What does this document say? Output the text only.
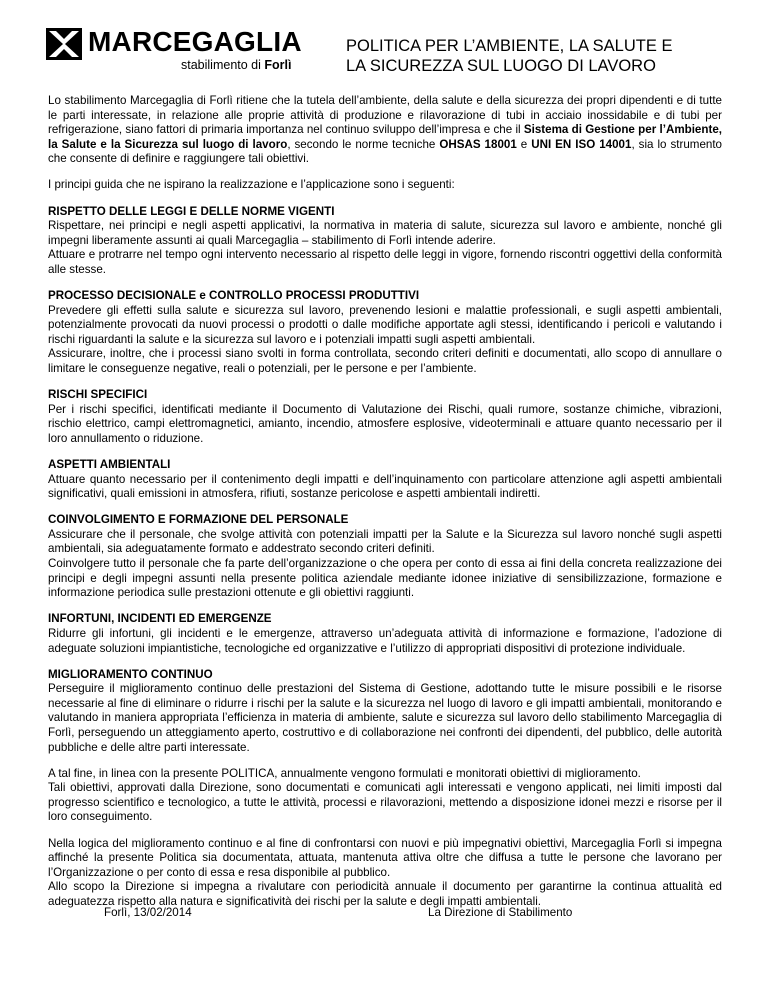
MARCEGAGLIA
stabilimento di Forlì
POLITICA PER L’AMBIENTE, LA SALUTE E
LA SICUREZZA SUL LUOGO DI LAVORO

Lo stabilimento Marcegaglia di Forlì ritiene che la tutela dell’ambiente, della salute e della sicurezza dei propri dipendenti e di tutte le parti interessate, in relazione alle proprie attività di produzione e rilavorazione di tubi in acciaio inossidabile e di tubi per refrigerazione, siano fattori di primaria importanza nel continuo sviluppo dell’impresa e che il Sistema di Gestione per l’Ambiente, la Salute e la Sicurezza sul luogo di lavoro, secondo le norme tecniche OHSAS 18001 e UNI EN ISO 14001, sia lo strumento che consente di definire e raggiungere tali obiettivi.

I principi guida che ne ispirano la realizzazione e l’applicazione sono i seguenti:

RISPETTO DELLE LEGGI E DELLE NORME VIGENTI

Rispettare, nei principi e negli aspetti applicativi, la normativa in materia di salute, sicurezza sul lavoro e ambiente, nonché gli impegni liberamente assunti ai quali Marcegaglia – stabilimento di Forlì intende aderire.

Attuare e protrarre nel tempo ogni intervento necessario al rispetto delle leggi in vigore, fornendo riscontri oggettivi della conformità alle stesse.

PROCESSO DECISIONALE e CONTROLLO PROCESSI PRODUTTIVI

Prevedere gli effetti sulla salute e sicurezza sul lavoro, prevenendo lesioni e malattie professionali, e sugli aspetti ambientali, potenzialmente provocati da nuovi processi o prodotti o dalle modifiche apportate agli stessi, identificando i pericoli e valutando i rischi riguardanti la salute e la sicurezza sul lavoro e i potenziali impatti sugli aspetti ambientali.

Assicurare, inoltre, che i processi siano svolti in forma controllata, secondo criteri definiti e documentati, allo scopo di annullare o limitare le conseguenze negative, reali o potenziali, per le persone e per l’ambiente.

RISCHI SPECIFICI

Per i rischi specifici, identificati mediante il Documento di Valutazione dei Rischi, quali rumore, sostanze chimiche, vibrazioni, rischio elettrico, campi elettromagnetici, amianto, incendio, atmosfere esplosive, videoterminali e attuare quanto necessario per il loro annullamento o riduzione.

ASPETTI AMBIENTALI

Attuare quanto necessario per il contenimento degli impatti e dell’inquinamento con particolare attenzione agli aspetti ambientali significativi, quali emissioni in atmosfera, rifiuti, sostanze pericolose e aspetti ambientali indiretti.

COINVOLGIMENTO E FORMAZIONE DEL PERSONALE

Assicurare che il personale, che svolge attività con potenziali impatti per la Salute e la Sicurezza sul lavoro nonché sugli aspetti ambientali, sia adeguatamente formato e addestrato secondo criteri definiti.

Coinvolgere tutto il personale che fa parte dell’organizzazione o che opera per conto di essa ai fini della concreta realizzazione dei principi e degli impegni assunti nella presente politica aziendale mediante idonee iniziative di sensibilizzazione, formazione e informazione periodica sulle prestazioni ottenute e gli obiettivi raggiunti.

INFORTUNI, INCIDENTI ED EMERGENZE

Ridurre gli infortuni, gli incidenti e le emergenze, attraverso un’adeguata attività di informazione e formazione, l’adozione di adeguate soluzioni impiantistiche, tecnologiche ed organizzative e l’utilizzo di appropriati dispositivi di protezione individuale.

MIGLIORAMENTO CONTINUO

Perseguire il miglioramento continuo delle prestazioni del Sistema di Gestione, adottando tutte le misure possibili e le risorse necessarie al fine di eliminare o ridurre i rischi per la salute e la sicurezza nel luogo di lavoro e gli impatti ambientali, monitorando e valutando in maniera appropriata l’efficienza in materia di ambiente, salute e sicurezza sul lavoro dello stabilimento Marcegaglia di Forlì, perseguendo un atteggiamento aperto, costruttivo e di collaborazione nei confronti dei dipendenti, del pubblico, delle autorità pubbliche e delle altre parti interessate.

A tal fine, in linea con la presente POLITICA, annualmente vengono formulati e monitorati obiettivi di miglioramento.

Tali obiettivi, approvati dalla Direzione, sono documentati e comunicati agli interessati e vengono applicati, nei limiti imposti dal progresso scientifico e tecnologico, a tutte le attività, processi e rilavorazioni, mettendo a disposizione idonei mezzi e risorse per il loro conseguimento.

Nella logica del miglioramento continuo e al fine di confrontarsi con nuovi e più impegnativi obiettivi, Marcegaglia Forlì si impegna affinché la presente Politica sia documentata, attuata, mantenuta attiva oltre che diffusa a tutte le persone che lavorano per l’Organizzazione o per conto di essa e resa disponibile al pubblico.

Allo scopo la Direzione si impegna a rivalutare con periodicità annuale il documento per garantirne la continua attualità ed adeguatezza rispetto alla natura e significatività dei rischi per la salute e degli impatti ambientali.

Forlì, 13/02/2014	La Direzione di Stabilimento
